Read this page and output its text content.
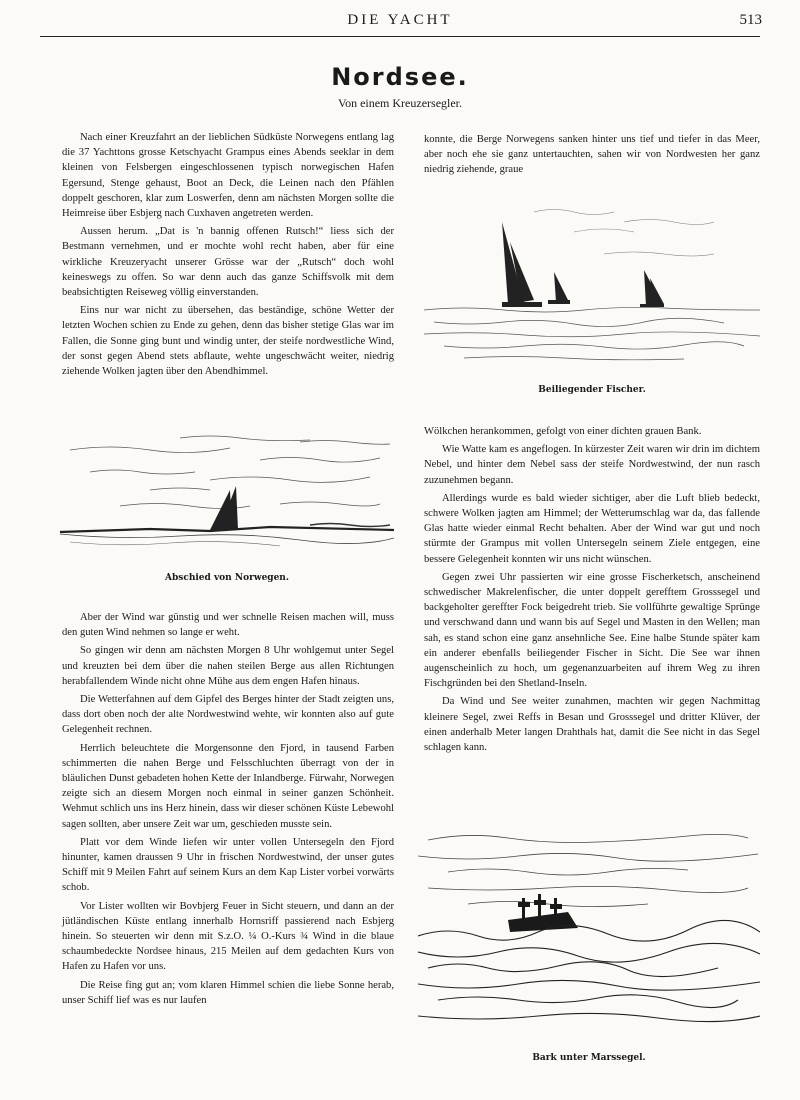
DIE YACHT	513
Nordsee.
Von einem Kreuzersegler.

Nach einer Kreuzfahrt an der lieblichen Südküste Norwegens entlang lag die 37 Yachttons grosse Ketschyacht Grampus eines Abends seeklar in dem kleinen von Felsbergen eingeschlossenen typisch norwegischen Hafen Egersund, Stenge gehaust, Boot an Deck, die Leinen nach den Pfählen doppelt geschoren, klar zum Loswerfen, denn am nächsten Morgen sollte die Heimreise über Esbjerg nach Cuxhaven angetreten werden.

Aussen herum. „Dat is 'n bannig offenen Rutsch!“ liess sich der Bestmann vernehmen, und er mochte wohl recht haben, aber für eine wirkliche Kreuzeryacht unserer Grösse war der „Rutsch“ doch wohl keineswegs zu offen. So war denn auch das ganze Schiffsvolk mit dem beabsichtigten Reiseweg völlig einverstanden.

Eins nur war nicht zu übersehen, das beständige, schöne Wetter der letzten Wochen schien zu Ende zu gehen, denn das bisher stetige Glas war im Fallen, die Sonne ging bunt und windig unter, der steife nordwestliche Wind, der sonst gegen Abend stets abflaute, wehte ungeschwächt weiter, niedrig ziehende Wolken jagten über den Abendhimmel.

Abschied von Norwegen.

Aber der Wind war günstig und wer schnelle Reisen machen will, muss den guten Wind nehmen so lange er weht.

So gingen wir denn am nächsten Morgen 8 Uhr wohlgemut unter Segel und kreuzten bei dem über die nahen steilen Berge aus allen Richtungen herabfallendem Winde nicht ohne Mühe aus dem engen Hafen hinaus.

Die Wetterfahnen auf dem Gipfel des Berges hinter der Stadt zeigten uns, dass dort oben noch der alte Nordwestwind wehte, wir konnten also auf gute Gelegenheit rechnen.

Herrlich beleuchtete die Morgensonne den Fjord, in tausend Farben schimmerten die nahen Berge und Felsschluchten überragt von der in bläulichen Dunst gebadeten hohen Kette der Inlandberge. Fürwahr, Norwegen zeigte sich an diesem Morgen noch einmal in seiner ganzen Schönheit. Wehmut schlich uns ins Herz hinein, dass wir dieser schönen Küste Lebewohl sagen sollten, aber unsere Zeit war um, geschieden musste sein.

Platt vor dem Winde liefen wir unter vollen Untersegeln den Fjord hinunter, kamen draussen 9 Uhr in frischen Nordwestwind, der unser gutes Schiff mit 9 Meilen Fahrt auf seinem Kurs an dem Kap Lister vorbei vorwärts schob.

Vor Lister wollten wir Bovbjerg Feuer in Sicht steuern, und dann an der jütländischen Küste entlang innerhalb Hornsriff passierend nach Esbjerg hinein. So steuerten wir denn mit S.z.O. ¼ O.-Kurs ¾ Wind in die blaue schaumbedeckte Nordsee hinaus, 215 Meilen auf dem gedachten Kurs von Hafen zu Hafen vor uns.

Die Reise fing gut an; vom klaren Himmel schien die liebe Sonne herab, unser Schiff lief was es nur laufen

konnte, die Berge Norwegens sanken hinter uns tief und tiefer in das Meer, aber noch ehe sie ganz untertauchten, sahen wir von Nordwesten her ganz niedrig ziehende, graue

Beiliegender Fischer.

Wölkchen herankommen, gefolgt von einer dichten grauen Bank.

Wie Watte kam es angeflogen. In kürzester Zeit waren wir drin im dichtem Nebel, und hinter dem Nebel sass der steife Nordwestwind, der nun rasch zuzunehmen begann.

Allerdings wurde es bald wieder sichtiger, aber die Luft blieb bedeckt, schwere Wolken jagten am Himmel; der Wetterumschlag war da, das fallende Glas hatte wieder einmal Recht behalten. Aber der Wind war gut und noch stürmte der Grampus mit vollen Untersegeln seinem Ziele entgegen, eine bessere Gelegenheit konnten wir uns nicht wünschen.

Gegen zwei Uhr passierten wir eine grosse Fischerketsch, anscheinend schwedischer Makrelenfischer, die unter doppelt gerefftem Grosssegel und backgeholter gereffter Fock beigedreht trieb. Sie vollführte gewaltige Sprünge und verschwand dann und wann bis auf Segel und Masten in den Wellen; man sah, es stand schon eine ganz ansehnliche See. Eine halbe Stunde später kam ein anderer ebenfalls beiliegender Fischer in Sicht. Die See war ihnen augenscheinlich zu hoch, um gegenanzuarbeiten auf ihrem Weg zu ihren Fischgründen bei den Shetland-Inseln.

Da Wind und See weiter zunahmen, machten wir gegen Nachmittag kleinere Segel, zwei Reffs in Besan und Grosssegel und dritter Klüver, der einen anderhalb Meter langen Drahthals hat, damit die See nicht in das Segel schlagen kann.

Bark unter Marssegel.
